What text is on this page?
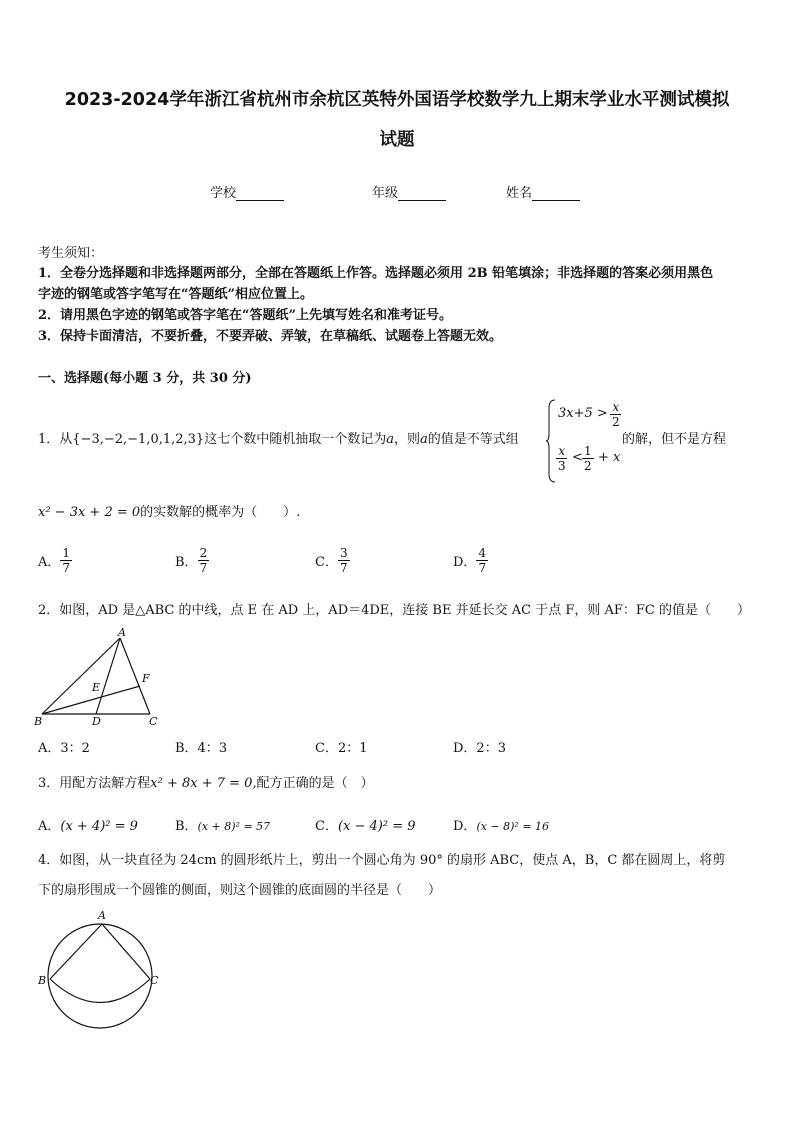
2023-2024学年浙江省杭州市余杭区英特外国语学校数学九上期末学业水平测试模拟
试题
学校	年级	姓名
考生须知：
1．全卷分选择题和非选择题两部分，全部在答题纸上作答。选择题必须用 2B 铅笔填涂；非选择题的答案必须用黑色
字迹的钢笔或答字笔写在“答题纸”相应位置上。
2．请用黑色字迹的钢笔或答字笔在“答题纸”上先填写姓名和准考证号。
3．保持卡面清洁，不要折叠，不要弄破、弄皱，在草稿纸、试题卷上答题无效。
一、选择题(每小题 3 分，共 30 分)
1．从{−3,−2,−1,0,1,2,3}这七个数中随机抽取一个数记为a，则a的值是不等式组
$3x+5 > \frac{x}{2}$
$\frac{x}{3} < \frac{1}{2} + x$
的解，但不是方程
x² − 3x + 2 = 0的实数解的概率为（　　）.
A． $\frac{1}{7}$	B． $\frac{2}{7}$	C． $\frac{3}{7}$	D． $\frac{4}{7}$
2．如图，AD 是△ABC 的中线，点 E 在 AD 上，AD＝4DE，连接 BE 并延长交 AC 于点 F，则 AF：FC 的值是（　　）
A
B	C
D
E
F
A．3：2	B．4：3	C．2：1	D．2：3
3．用配方法解方程x² + 8x + 7 = 0,配方正确的是（　）
A．(x + 4)² = 9	B．(x + 8)² = 57	C．(x − 4)² = 9	D．(x − 8)² = 16
4．如图，从一块直径为 24cm 的圆形纸片上，剪出一个圆心角为 90° 的扇形 ABC，使点 A，B，C 都在圆周上，将剪
下的扇形围成一个圆锥的侧面，则这个圆锥的底面圆的半径是（　　）
A
B	C
